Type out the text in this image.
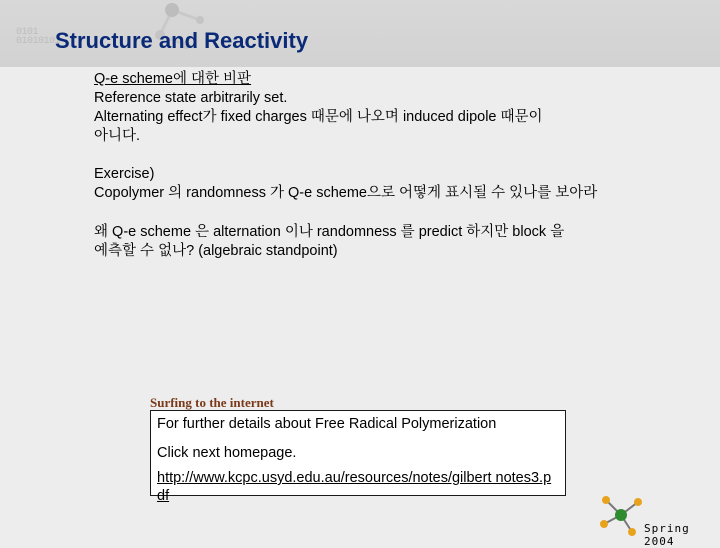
0101
01010101
Structure and Reactivity

Q-e scheme에 대한 비판

Reference state arbitrarily set.

Alternating effect가 fixed charges 때문에 나오며 induced dipole 때문이

아니다.

Exercise)

Copolymer 의 randomness 가 Q-e scheme으로 어떻게 표시될 수 있나를 보아라

왜 Q-e scheme 은 alternation 이나 randomness 를 predict 하지만 block 을

예측할 수 없나? (algebraic standpoint)

Surfing to the internet

For further details about Free Radical Polymerization

Click next homepage.

http://www.kcpc.usyd.edu.au/resources/notes/gilbert notes3.pdf

Spring 2004
